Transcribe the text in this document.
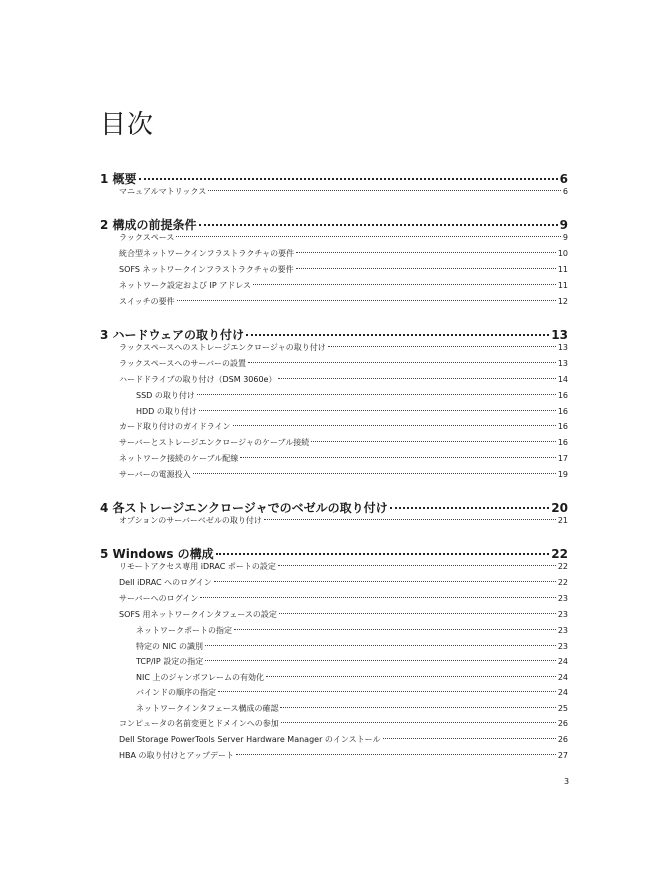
目次
1 概要	6
マニュアルマトリックス	6
2 構成の前提条件	9
ラックスペース	9
統合型ネットワークインフラストラクチャの要件	10
SOFS ネットワークインフラストラクチャの要件	11
ネットワーク設定および IP アドレス	11
スイッチの要件	12
3 ハードウェアの取り付け	13
ラックスペースへのストレージエンクロージャの取り付け	13
ラックスペースへのサーバーの設置	13
ハードドライブの取り付け（DSM 3060e）	14
SSD の取り付け	16
HDD の取り付け	16
カード取り付けのガイドライン	16
サーバーとストレージエンクロージャのケーブル接続	16
ネットワーク接続のケーブル配線	17
サーバーの電源投入	19
4 各ストレージエンクロージャでのベゼルの取り付け	20
オプションのサーバーベゼルの取り付け	21
5 Windows の構成	22
リモートアクセス専用 iDRAC ポートの設定	22
Dell iDRAC へのログイン	22
サーバーへのログイン	23
SOFS 用ネットワークインタフェースの設定	23
ネットワークポートの指定	23
特定の NIC の識別	23
TCP/IP 設定の指定	24
NIC 上のジャンボフレームの有効化	24
バインドの順序の指定	24
ネットワークインタフェース構成の確認	25
コンピュータの名前変更とドメインへの参加	26
Dell Storage PowerTools Server Hardware Manager のインストール	26
HBA の取り付けとアップデート	27
3
